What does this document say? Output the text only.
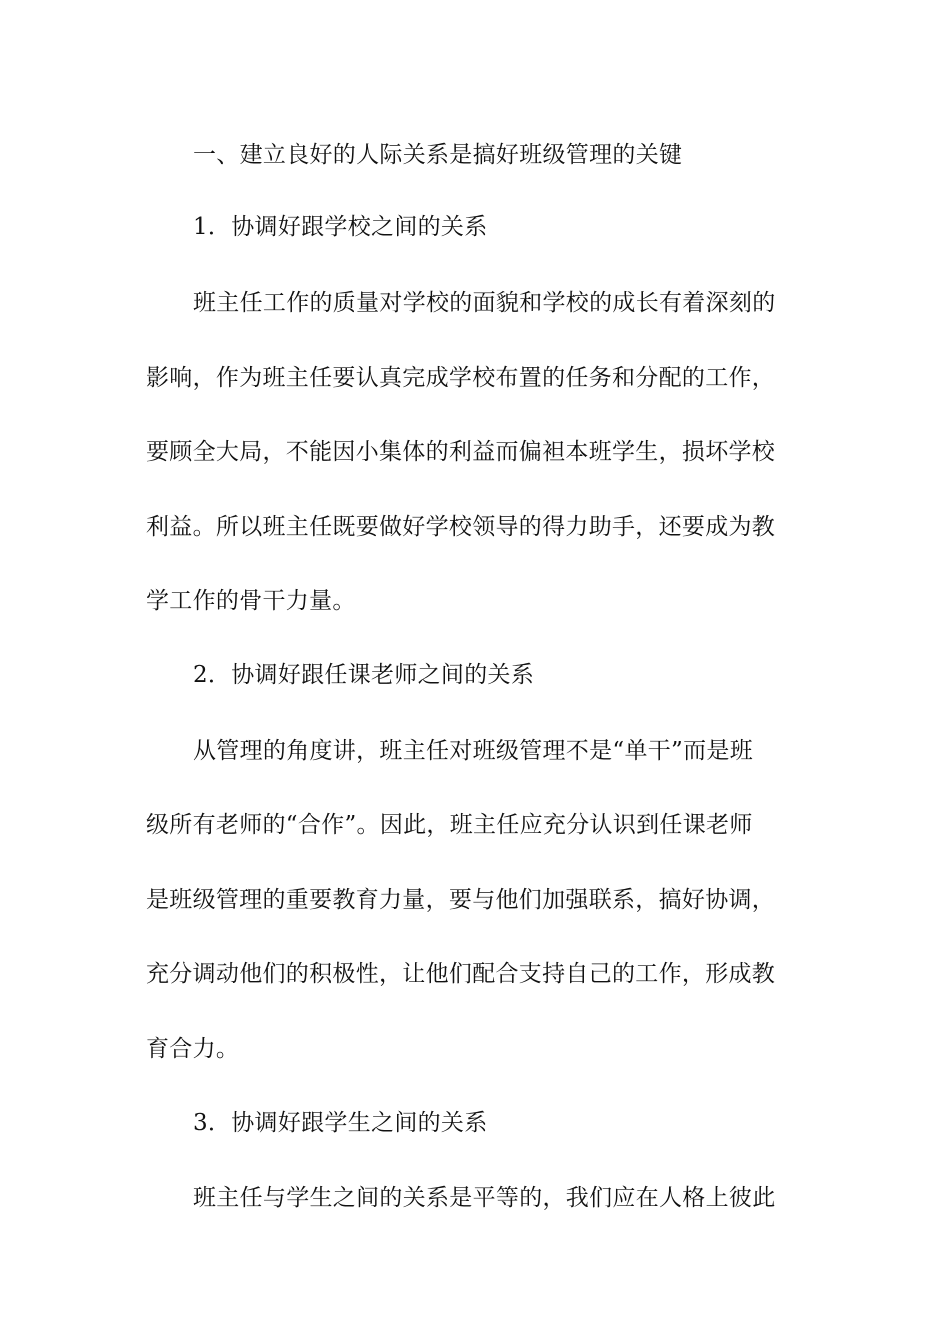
一、建立良好的人际关系是搞好班级管理的关键
1．协调好跟学校之间的关系
班主任工作的质量对学校的面貌和学校的成长有着深刻的
影响，作为班主任要认真完成学校布置的任务和分配的工作，
要顾全大局，不能因小集体的利益而偏袒本班学生，损坏学校
利益。所以班主任既要做好学校领导的得力助手，还要成为教
学工作的骨干力量。
2．协调好跟任课老师之间的关系
从管理的角度讲，班主任对班级管理不是“单干”而是班
级所有老师的“合作”。因此，班主任应充分认识到任课老师
是班级管理的重要教育力量，要与他们加强联系，搞好协调，
充分调动他们的积极性，让他们配合支持自己的工作，形成教
育合力。
3．协调好跟学生之间的关系
班主任与学生之间的关系是平等的，我们应在人格上彼此
